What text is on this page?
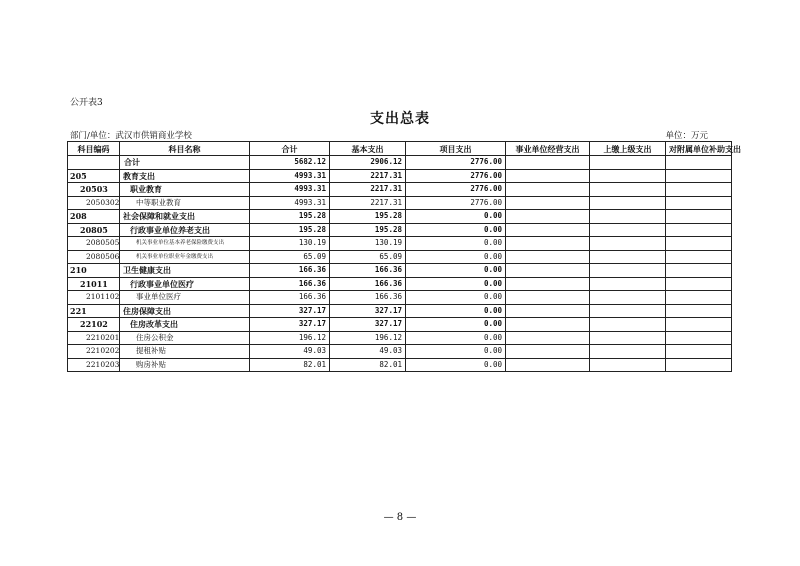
公开表3
支出总表
部门/单位：武汉市供销商业学校	单位：万元
科目编码	科目名称	合计	基本支出	项目支出	事业单位经营支出	上缴上级支出	对附属单位补助支出
	合计	5682.12	2906.12	2776.00			
205	教育支出	4993.31	2217.31	2776.00			
20503	职业教育	4993.31	2217.31	2776.00			
2050302	中等职业教育	4993.31	2217.31	2776.00			
208	社会保障和就业支出	195.28	195.28	0.00			
20805	行政事业单位养老支出	195.28	195.28	0.00			
2080505	机关事业单位基本养老保险缴费支出	130.19	130.19	0.00			
2080506	机关事业单位职业年金缴费支出	65.09	65.09	0.00			
210	卫生健康支出	166.36	166.36	0.00			
21011	行政事业单位医疗	166.36	166.36	0.00			
2101102	事业单位医疗	166.36	166.36	0.00			
221	住房保障支出	327.17	327.17	0.00			
22102	住房改革支出	327.17	327.17	0.00			
2210201	住房公积金	196.12	196.12	0.00			
2210202	提租补贴	49.03	49.03	0.00			
2210203	购房补贴	82.01	82.01	0.00			
— 8 —
